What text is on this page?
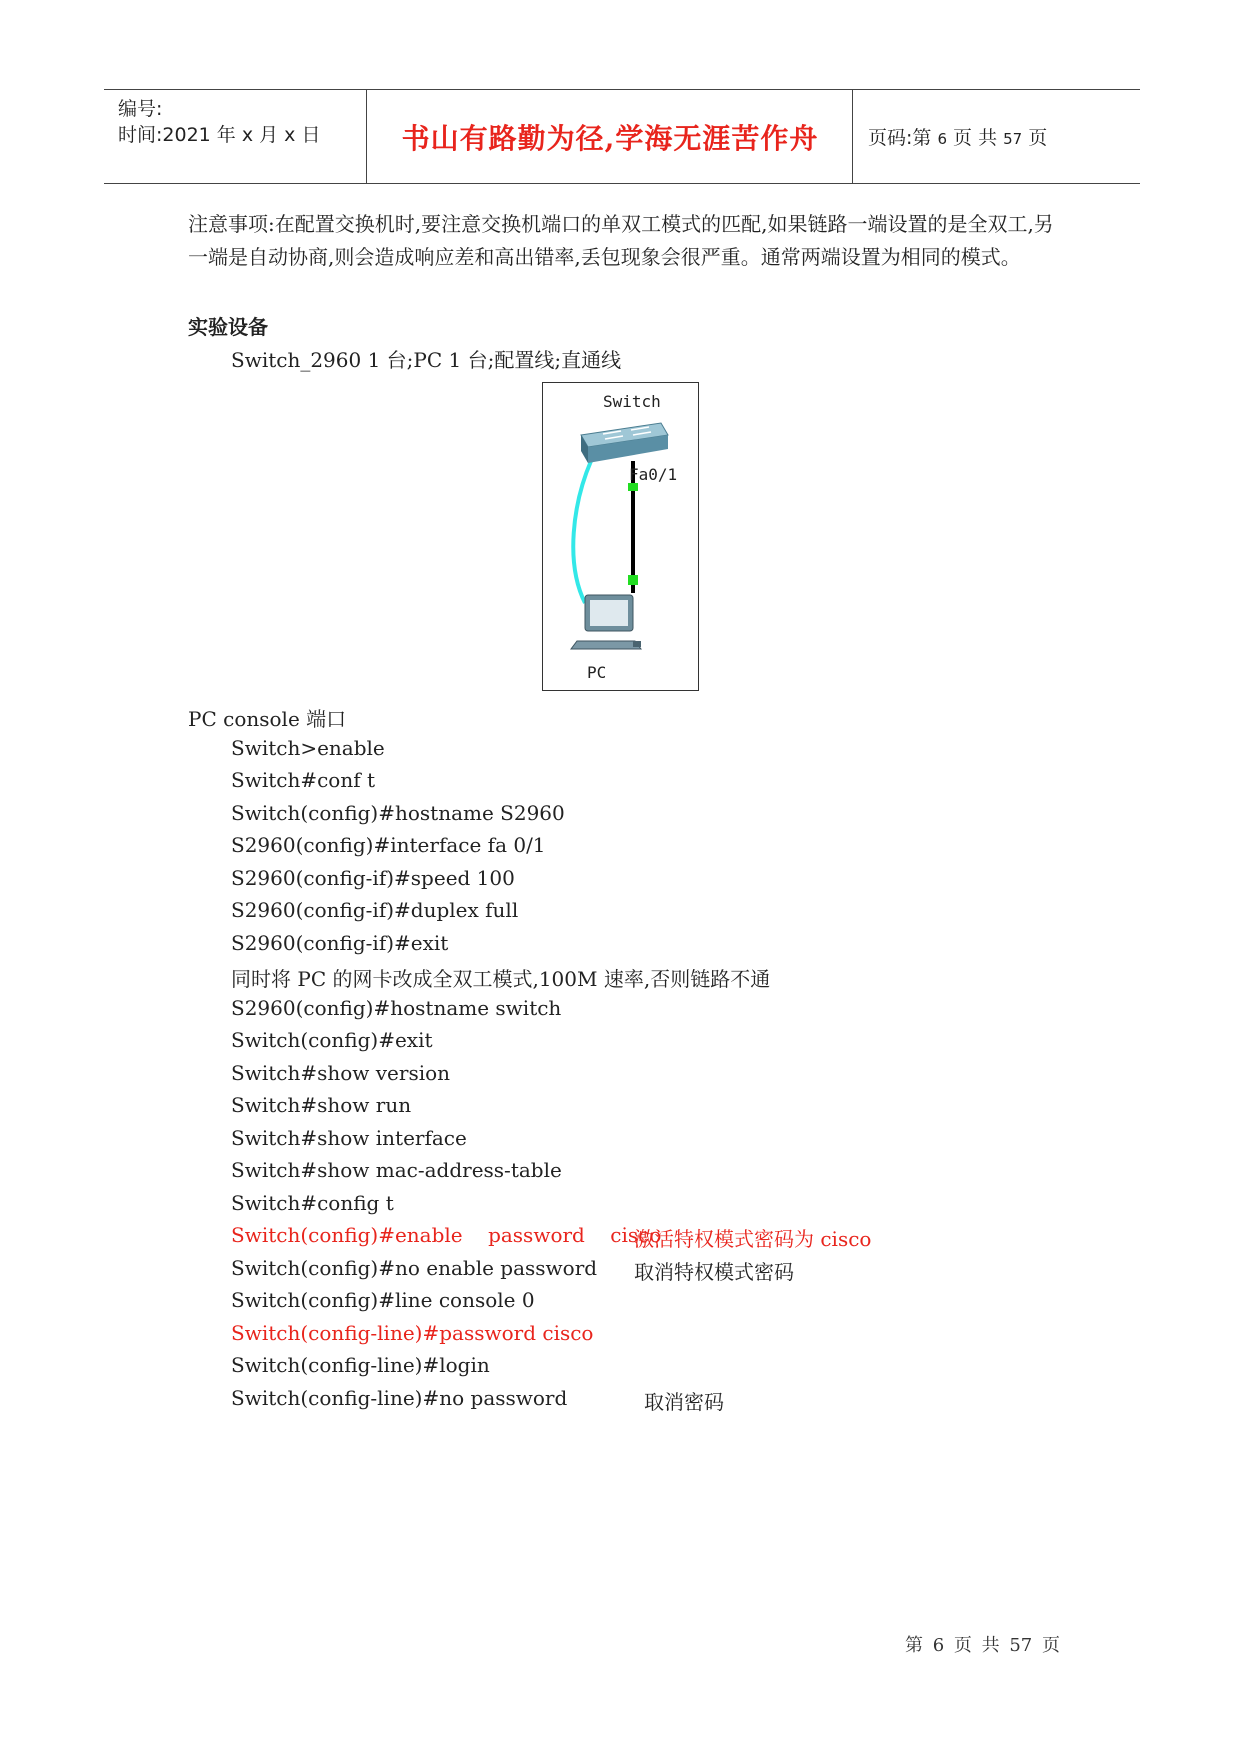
编号:
时间:2021 年 x 月 x 日	书山有路勤为径,学海无涯苦作舟	页码:第 6 页 共 57 页
注意事项:在配置交换机时,要注意交换机端口的单双工模式的匹配,如果链路一端设置的是全双工,另一端是自动协商,则会造成响应差和高出错率,丢包现象会很严重。通常两端设置为相同的模式。
实验设备
Switch_2960 1 台;PC 1 台;配置线;直通线
Switch
Fa0/1
PC
PC console 端口
Switch>enable
Switch#conf t
Switch(config)#hostname S2960
S2960(config)#interface fa 0/1
S2960(config-if)#speed 100
S2960(config-if)#duplex full
S2960(config-if)#exit
同时将 PC 的网卡改成全双工模式,100M 速率,否则链路不通
S2960(config)#hostname switch
Switch(config)#exit
Switch#show version
Switch#show run
Switch#show interface
Switch#show mac-address-table
Switch#config t
Switch(config)#enable    password    cisco
激活特权模式密码为 cisco
Switch(config)#no enable password 取消特权模式密码
Switch(config)#line console 0
Switch(config-line)#password cisco
Switch(config-line)#login
Switch(config-line)#no password	取消密码
第 6 页 共 57 页
